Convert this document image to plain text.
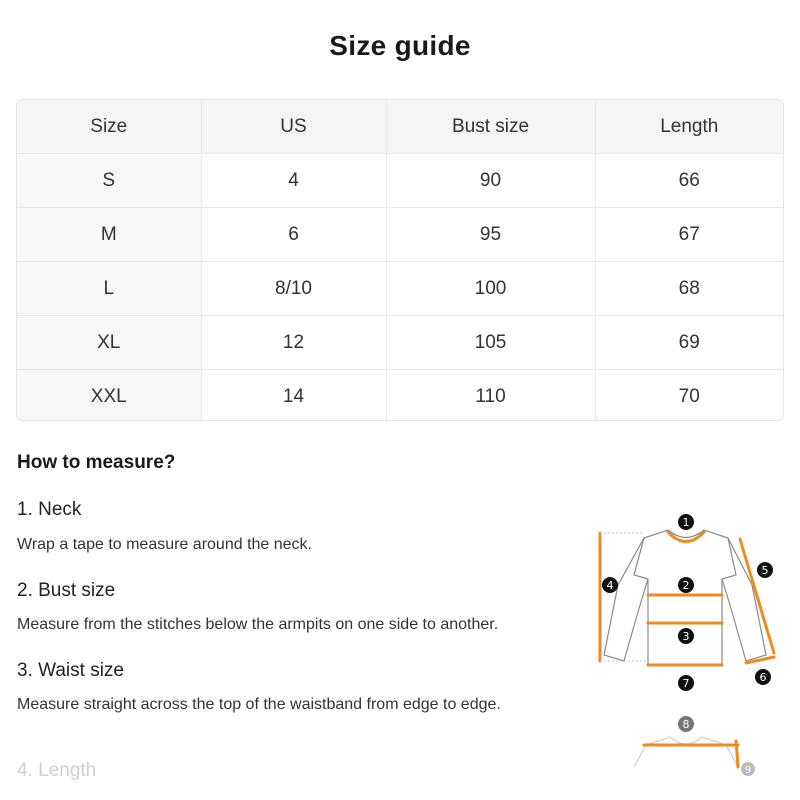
Size guide
Size	US	Bust size	Length
S	4	90	66
M	6	95	67
L	8/10	100	68
XL	12	105	69
XXL	14	110	70
How to measure?
1. Neck
Wrap a tape to measure around the neck.
2. Bust size
Measure from the stitches below the armpits on one side to another.
3. Waist size
Measure straight across the top of the waistband from edge to edge.
4. Length
1
2
3
4
5
6
7
8
9
